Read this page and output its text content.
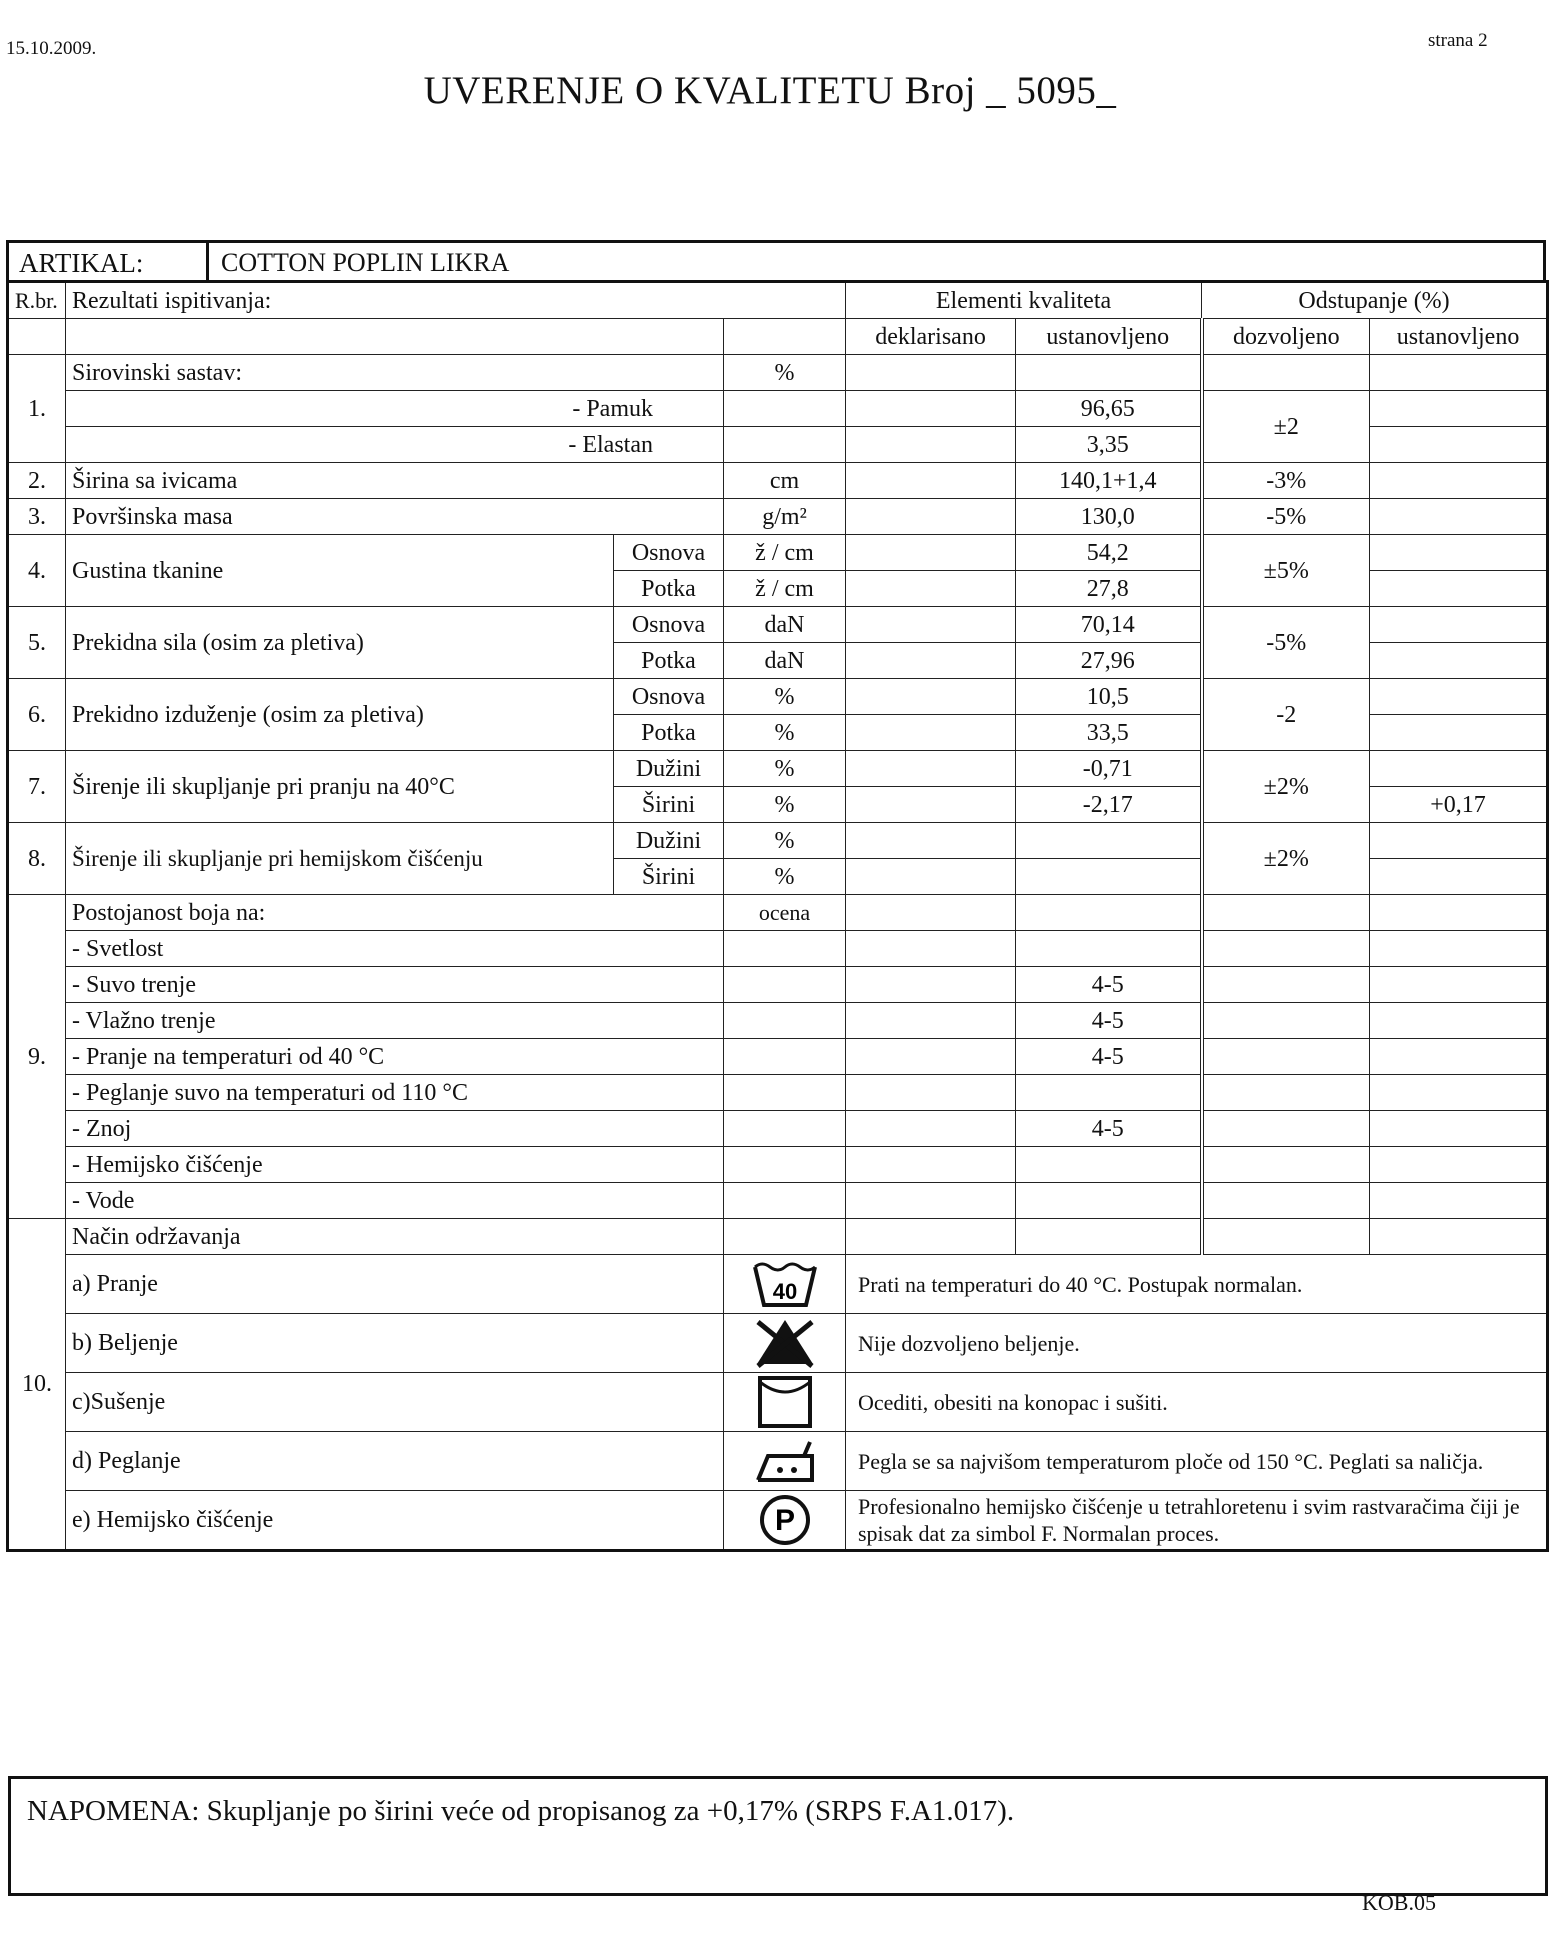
15.10.2009.	strana 2
UVERENJE O KVALITETU Broj _ 5095_
ARTIKAL:	COTTON POPLIN LIKRA
R.br.	Rezultati ispitivanja:			Elementi kvaliteta		Odstupanje (%)	
				deklarisano	ustanovljeno	dozvoljeno	ustanovljeno
1.	Sirovinski sastav:		%				
	- Pamuk				96,65	±2	
	- Elastan				3,35		
2.	Širina sa ivicama		cm		140,1+1,4	-3%	
3.	Površinska masa		g/m²		130,0	-5%	
4.	Gustina tkanine	Osnova	ž / cm		54,2	±5%	
		Potka	ž / cm		27,8		
5.	Prekidna sila (osim za pletiva)	Osnova	daN		70,14	-5%	
		Potka	daN		27,96		
6.	Prekidno izduženje (osim za pletiva)	Osnova	%		10,5	-2	
		Potka	%		33,5		
7.	Širenje ili skupljanje pri pranju na 40°C	Dužini	%		-0,71	±2%	
		Širini	%		-2,17		+0,17
8.	Širenje ili skupljanje pri hemijskom čišćenju	Dužini	%			±2%	
		Širini	%				
9.	Postojanost boja na:		ocena				
	- Svetlost						
	- Suvo trenje				4-5		
	- Vlažno trenje				4-5		
	- Pranje na temperaturi od 40 °C				4-5		
	- Peglanje suvo na temperaturi od 110 °C						
	- Znoj				4-5		
	- Hemijsko čišćenje						
	- Vode						
10.	Način održavanja						
	a) Pranje		40	Prati na temperaturi do 40 °C. Postupak normalan.			
	b) Beljenje			Nije dozvoljeno beljenje.			
	c)Sušenje			Ocediti, obesiti na konopac i sušiti.			
	d) Peglanje			Pegla se sa najvišom temperaturom ploče od 150 °C. Peglati sa naličja.			
	e) Hemijsko čišćenje		P	Profesionalno hemijsko čišćenje u tetrahloretenu i svim rastvaračima čiji je spisak dat za simbol F. Normalan proces.			
NAPOMENA: Skupljanje po širini veće od propisanog za +0,17% (SRPS F.A1.017).
KOB.05
